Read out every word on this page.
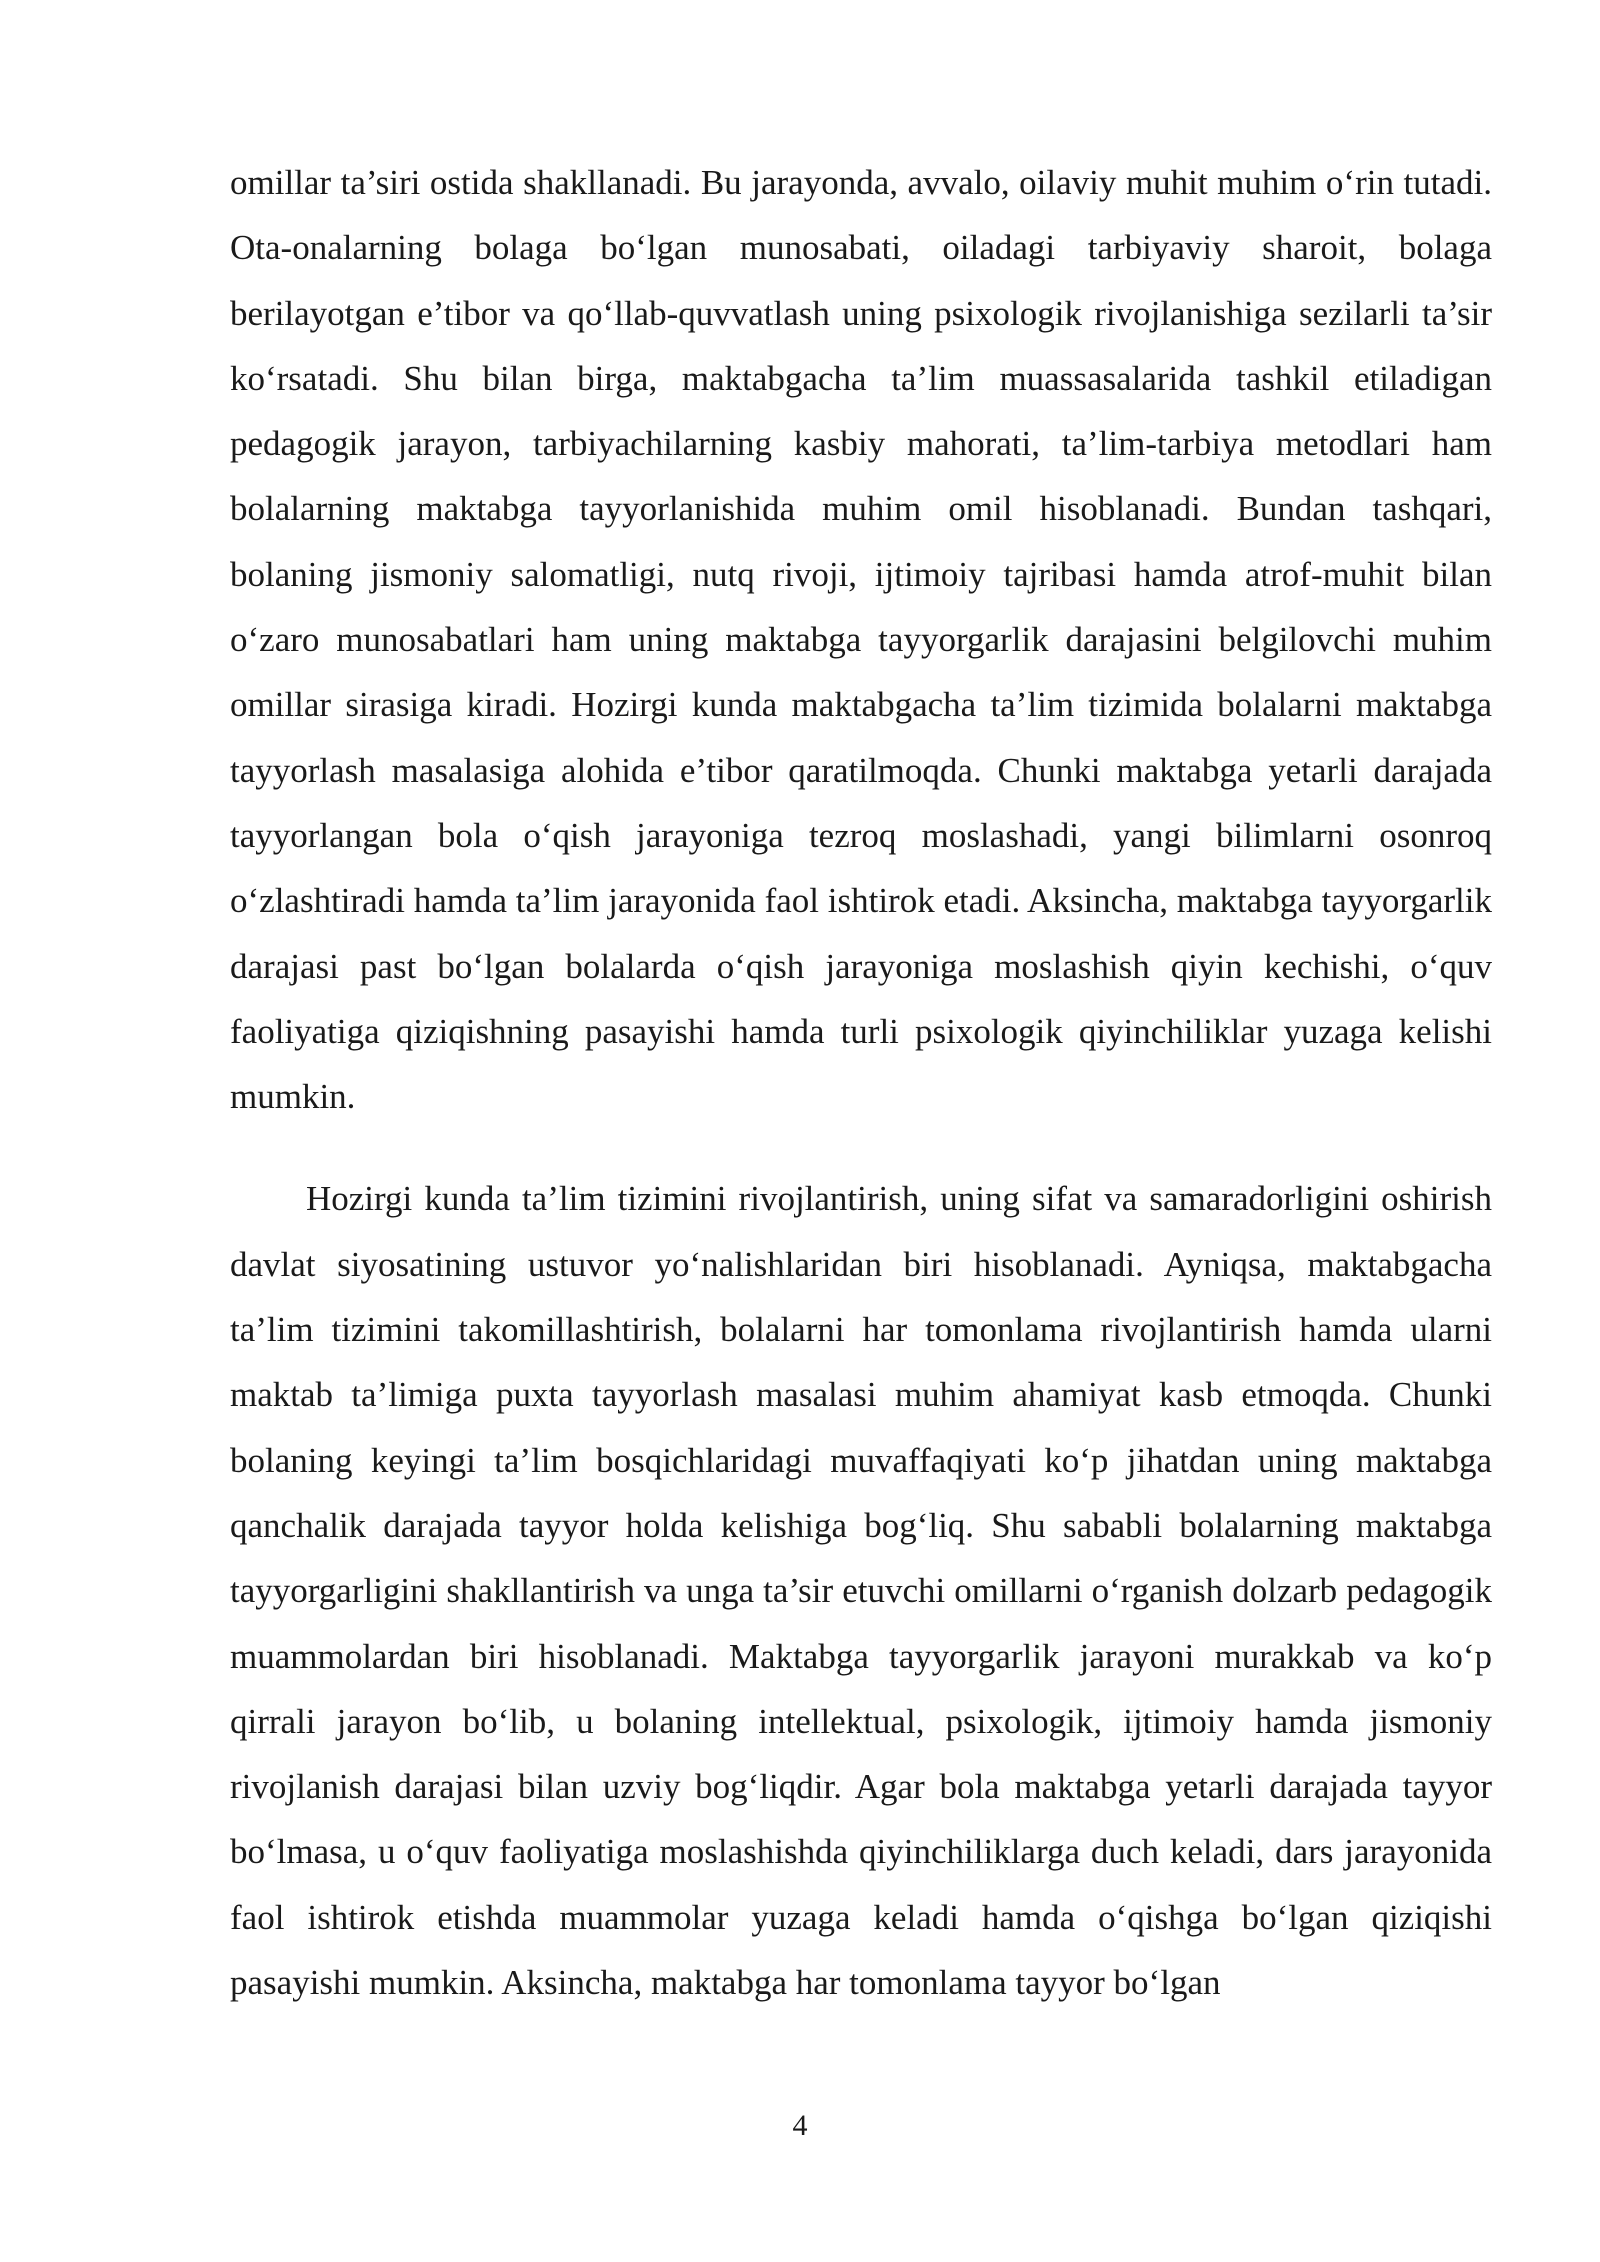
omillar ta’siri ostida shakllanadi. Bu jarayonda, avvalo, oilaviy muhit muhim o‘rin tutadi. Ota-onalarning bolaga bo‘lgan munosabati, oiladagi tarbiyaviy sharoit, bolaga berilayotgan e’tibor va qo‘llab-quvvatlash uning psixologik rivojlanishiga sezilarli ta’sir ko‘rsatadi. Shu bilan birga, maktabgacha ta’lim muassasalarida tashkil etiladigan pedagogik jarayon, tarbiyachilarning kasbiy mahorati, ta’lim-tarbiya metodlari ham bolalarning maktabga tayyorlanishida muhim omil hisoblanadi. Bundan tashqari, bolaning jismoniy salomatligi, nutq rivoji, ijtimoiy tajribasi hamda atrof-muhit bilan o‘zaro munosabatlari ham uning maktabga tayyorgarlik darajasini belgilovchi muhim omillar sirasiga kiradi. Hozirgi kunda maktabgacha ta’lim tizimida bolalarni maktabga tayyorlash masalasiga alohida e’tibor qaratilmoqda. Chunki maktabga yetarli darajada tayyorlangan bola o‘qish jarayoniga tezroq moslashadi, yangi bilimlarni osonroq o‘zlashtiradi hamda ta’lim jarayonida faol ishtirok etadi. Aksincha, maktabga tayyorgarlik darajasi past bo‘lgan bolalarda o‘qish jarayoniga moslashish qiyin kechishi, o‘quv faoliyatiga qiziqishning pasayishi hamda turli psixologik qiyinchiliklar yuzaga kelishi mumkin.

Hozirgi kunda ta’lim tizimini rivojlantirish, uning sifat va samaradorligini oshirish davlat siyosatining ustuvor yo‘nalishlaridan biri hisoblanadi. Ayniqsa, maktabgacha ta’lim tizimini takomillashtirish, bolalarni har tomonlama rivojlantirish hamda ularni maktab ta’limiga puxta tayyorlash masalasi muhim ahamiyat kasb etmoqda. Chunki bolaning keyingi ta’lim bosqichlaridagi muvaffaqiyati ko‘p jihatdan uning maktabga qanchalik darajada tayyor holda kelishiga bog‘liq. Shu sababli bolalarning maktabga tayyorgarligini shakllantirish va unga ta’sir etuvchi omillarni o‘rganish dolzarb pedagogik muammolardan biri hisoblanadi. Maktabga tayyorgarlik jarayoni murakkab va ko‘p qirrali jarayon bo‘lib, u bolaning intellektual, psixologik, ijtimoiy hamda jismoniy rivojlanish darajasi bilan uzviy bog‘liqdir. Agar bola maktabga yetarli darajada tayyor bo‘lmasa, u o‘quv faoliyatiga moslashishda qiyinchiliklarga duch keladi, dars jarayonida faol ishtirok etishda muammolar yuzaga keladi hamda o‘qishga bo‘lgan qiziqishi pasayishi mumkin. Aksincha, maktabga har tomonlama tayyor bo‘lgan

4
